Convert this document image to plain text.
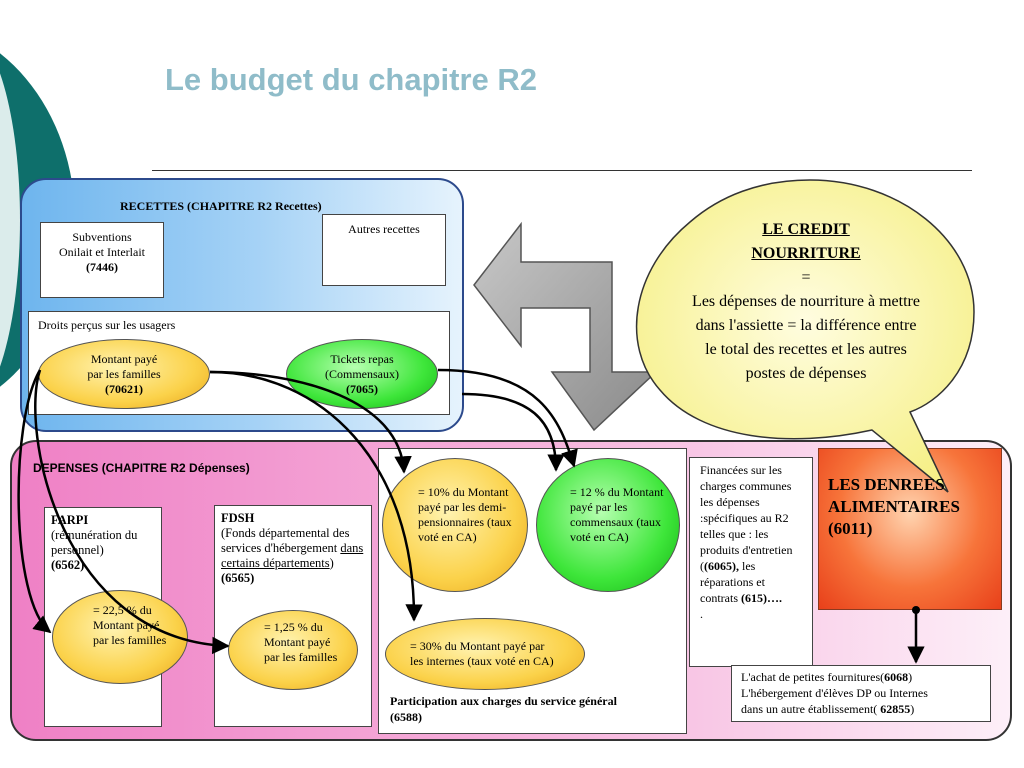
Le budget du chapitre R2
RECETTES (CHAPITRE R2 Recettes)
Subventions
Onilait et Interlait
(7446)
Autres recettes
Droits perçus sur les usagers
Montant payé
par les familles
(70621)
Tickets repas
(Commensaux)
(7065)
DEPENSES (CHAPITRE R2 Dépenses)
FARPI
(rémunération du personnel)
(6562)
FDSH
(Fonds départemental des services d'hébergement dans certains départements)
(6565)
Participation aux charges du service général
(6588)
Financées sur les charges communes les dépenses :spécifiques au R2 telles que : les produits d'entretien ((6065), les réparations et contrats (615)….
.
L'achat de petites fournitures(6068)
L'hébergement d'élèves DP ou Internes
dans un autre établissement( 62855)
= 22,5 % du Montant payé par les familles
= 1,25 % du Montant payé par les familles
= 10% du Montant payé par les demi-pensionnaires (taux voté en CA)
= 12 % du Montant payé par les commensaux (taux voté en CA)
= 30% du Montant payé par les internes (taux voté en CA)
LES DENREES
ALIMENTAIRES
(6011)
LE CREDIT
NOURRITURE
=
Les dépenses de nourriture à mettre dans l'assiette = la différence entre le total des recettes et les autres postes de dépenses
